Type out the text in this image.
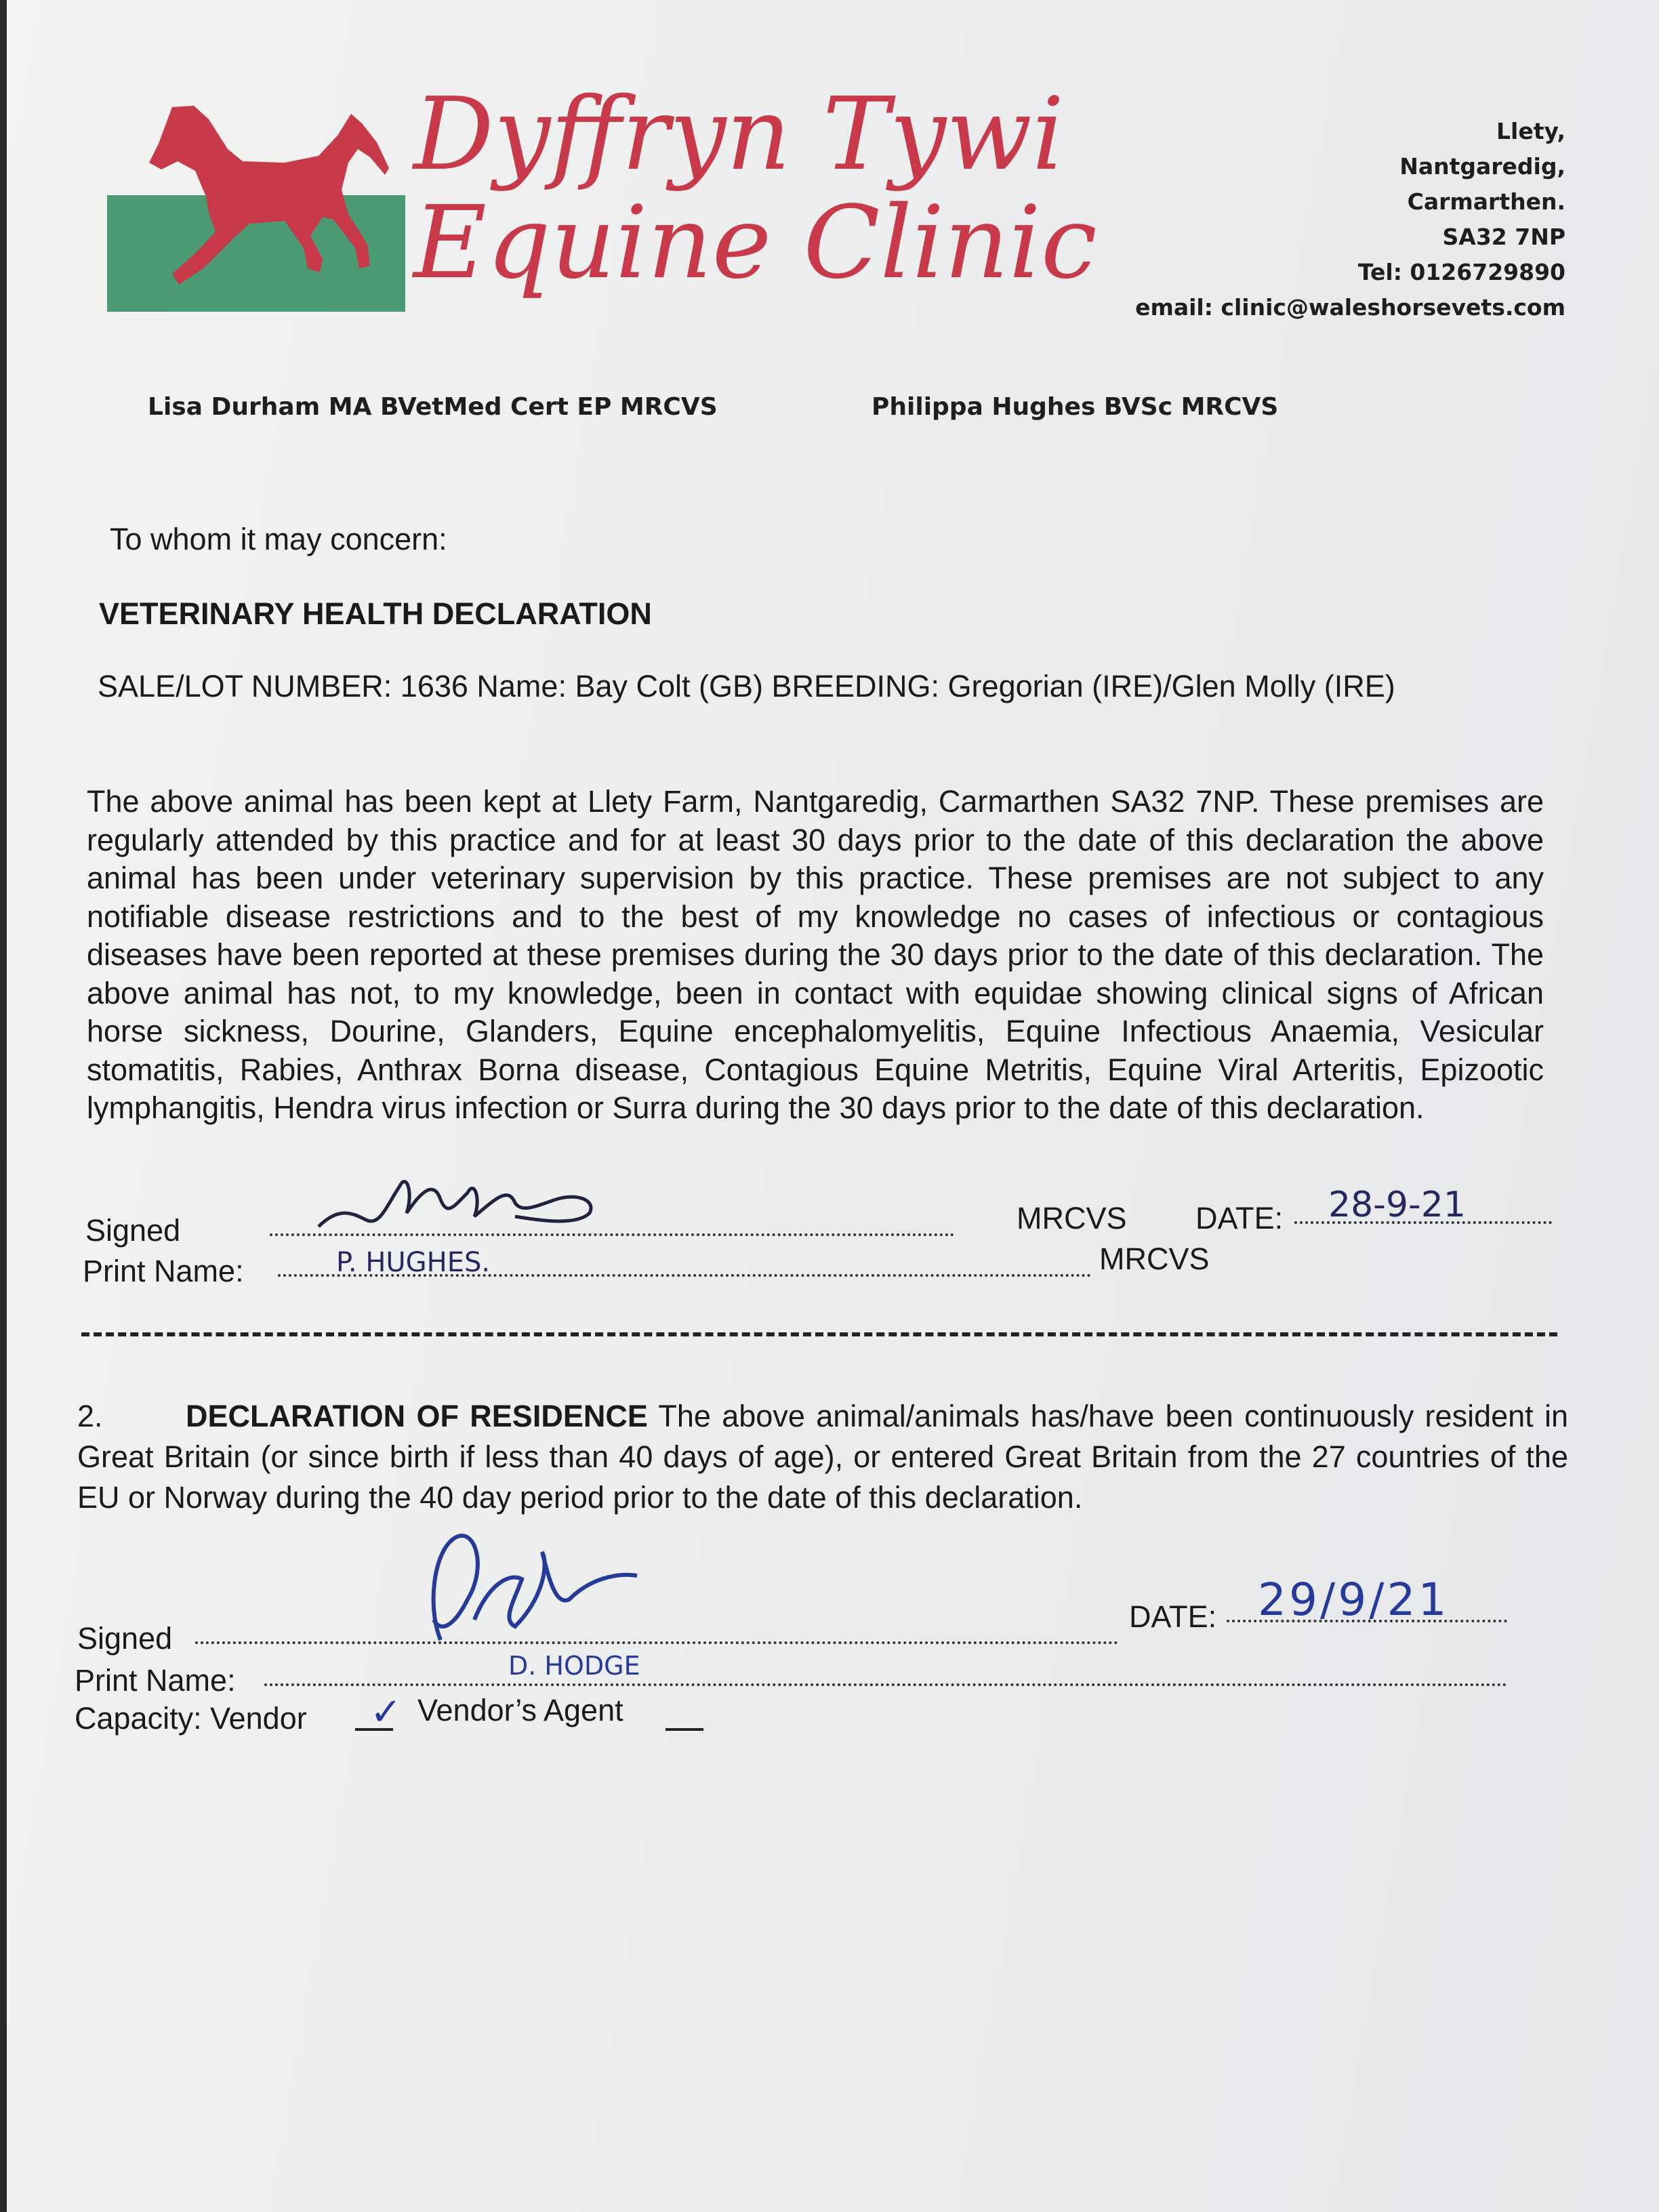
Dyffryn Tywi
Equine Clinic
Llety,
Nantgaredig,
Carmarthen.
SA32 7NP
Tel: 0126729890
email: clinic@waleshorsevets.com
Lisa Durham MA BVetMed Cert EP MRCVS	Philippa Hughes BVSc MRCVS
To whom it may concern:
VETERINARY HEALTH DECLARATION
SALE/LOT NUMBER: 1636 Name: Bay Colt (GB) BREEDING: Gregorian (IRE)/Glen Molly (IRE)
The above animal has been kept at Llety Farm, Nantgaredig, Carmarthen SA32 7NP. These premises are regularly attended by this practice and for at least 30 days prior to the date of this declaration the above animal has been under veterinary supervision by this practice. These premises are not subject to any notifiable disease restrictions and to the best of my knowledge no cases of infectious or contagious diseases have been reported at these premises during the 30 days prior to the date of this declaration. The above animal has not, to my knowledge, been in contact with equidae showing clinical signs of African horse sickness, Dourine, Glanders, Equine encephalomyelitis, Equine Infectious Anaemia, Vesicular stomatitis, Rabies, Anthrax Borna disease, Contagious Equine Metritis, Equine Viral Arteritis, Epizootic lymphangitis, Hendra virus infection or Surra during the 30 days prior to the date of this declaration.
Signed	MRCVS DATE: 28-9-21
Print Name:	P. HUGHES.	MRCVS
2.	DECLARATION OF RESIDENCE The above animal/animals has/have been continuously resident in Great Britain (or since birth if less than 40 days of age), or entered Great Britain from the 27 countries of the EU or Norway during the 40 day period prior to the date of this declaration.
Signed
DATE: 29/9/21
Print Name:	D. HODGE
Capacity: Vendor ✓ Vendor’s Agent
